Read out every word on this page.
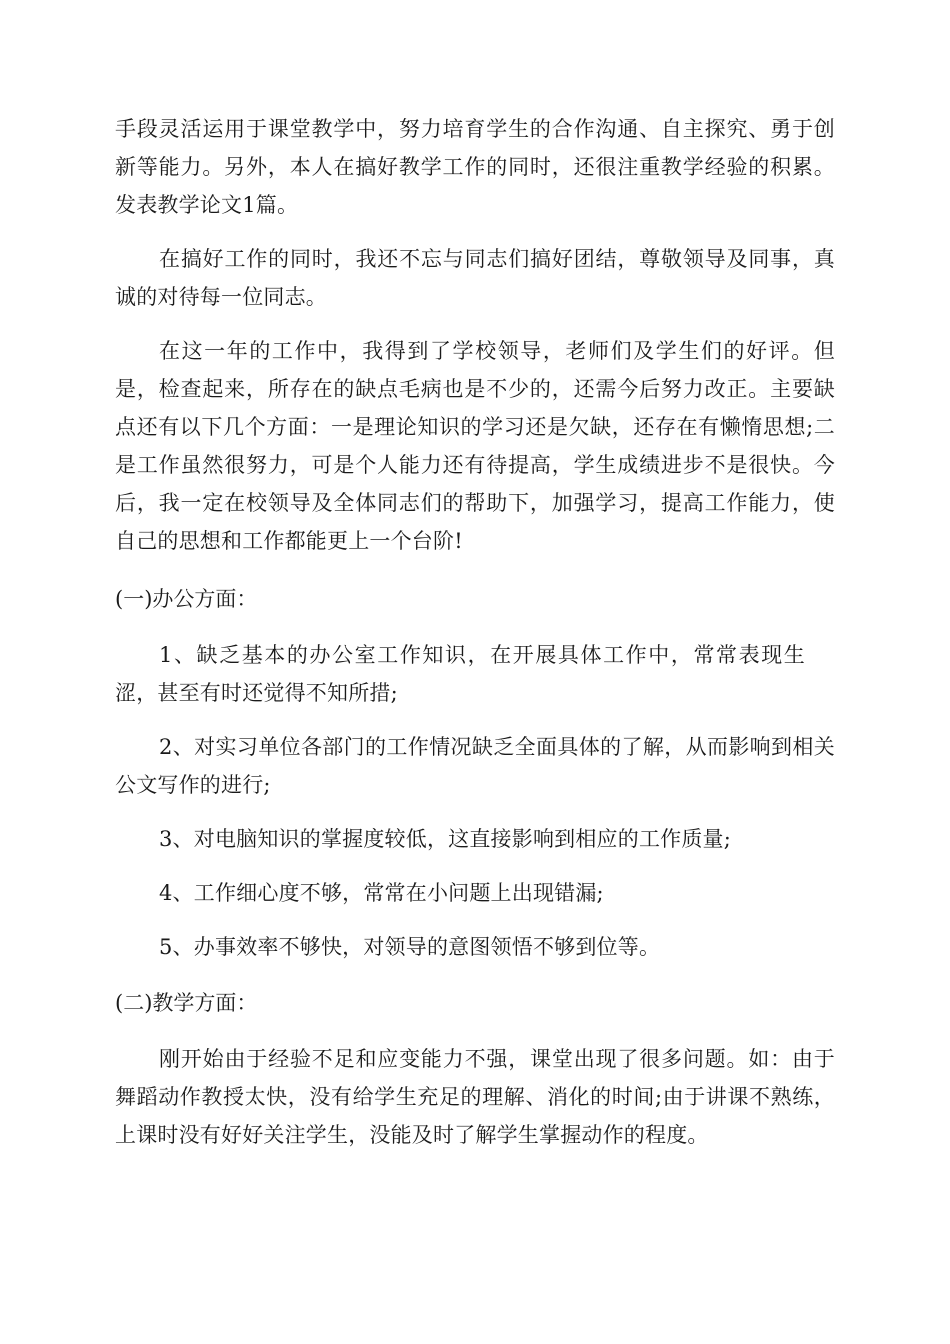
手段灵活运用于课堂教学中，努力培育学生的合作沟通、自主探究、勇于创新等能力。另外，本人在搞好教学工作的同时，还很注重教学经验的积累。发表教学论文1篇。

在搞好工作的同时，我还不忘与同志们搞好团结，尊敬领导及同事，真诚的对待每一位同志。

在这一年的工作中，我得到了学校领导，老师们及学生们的好评。但是，检查起来，所存在的缺点毛病也是不少的，还需今后努力改正。主要缺点还有以下几个方面：一是理论知识的学习还是欠缺，还存在有懒惰思想;二是工作虽然很努力，可是个人能力还有待提高，学生成绩进步不是很快。今后，我一定在校领导及全体同志们的帮助下，加强学习，提高工作能力，使自己的思想和工作都能更上一个台阶!

(一)办公方面：

1、缺乏基本的办公室工作知识，在开展具体工作中，常常表现生涩，甚至有时还觉得不知所措;

2、对实习单位各部门的工作情况缺乏全面具体的了解，从而影响到相关公文写作的进行;

3、对电脑知识的掌握度较低，这直接影响到相应的工作质量;

4、工作细心度不够，常常在小问题上出现错漏;

5、办事效率不够快，对领导的意图领悟不够到位等。

(二)教学方面：

刚开始由于经验不足和应变能力不强，课堂出现了很多问题。如：由于舞蹈动作教授太快，没有给学生充足的理解、消化的时间;由于讲课不熟练，上课时没有好好关注学生，没能及时了解学生掌握动作的程度。
